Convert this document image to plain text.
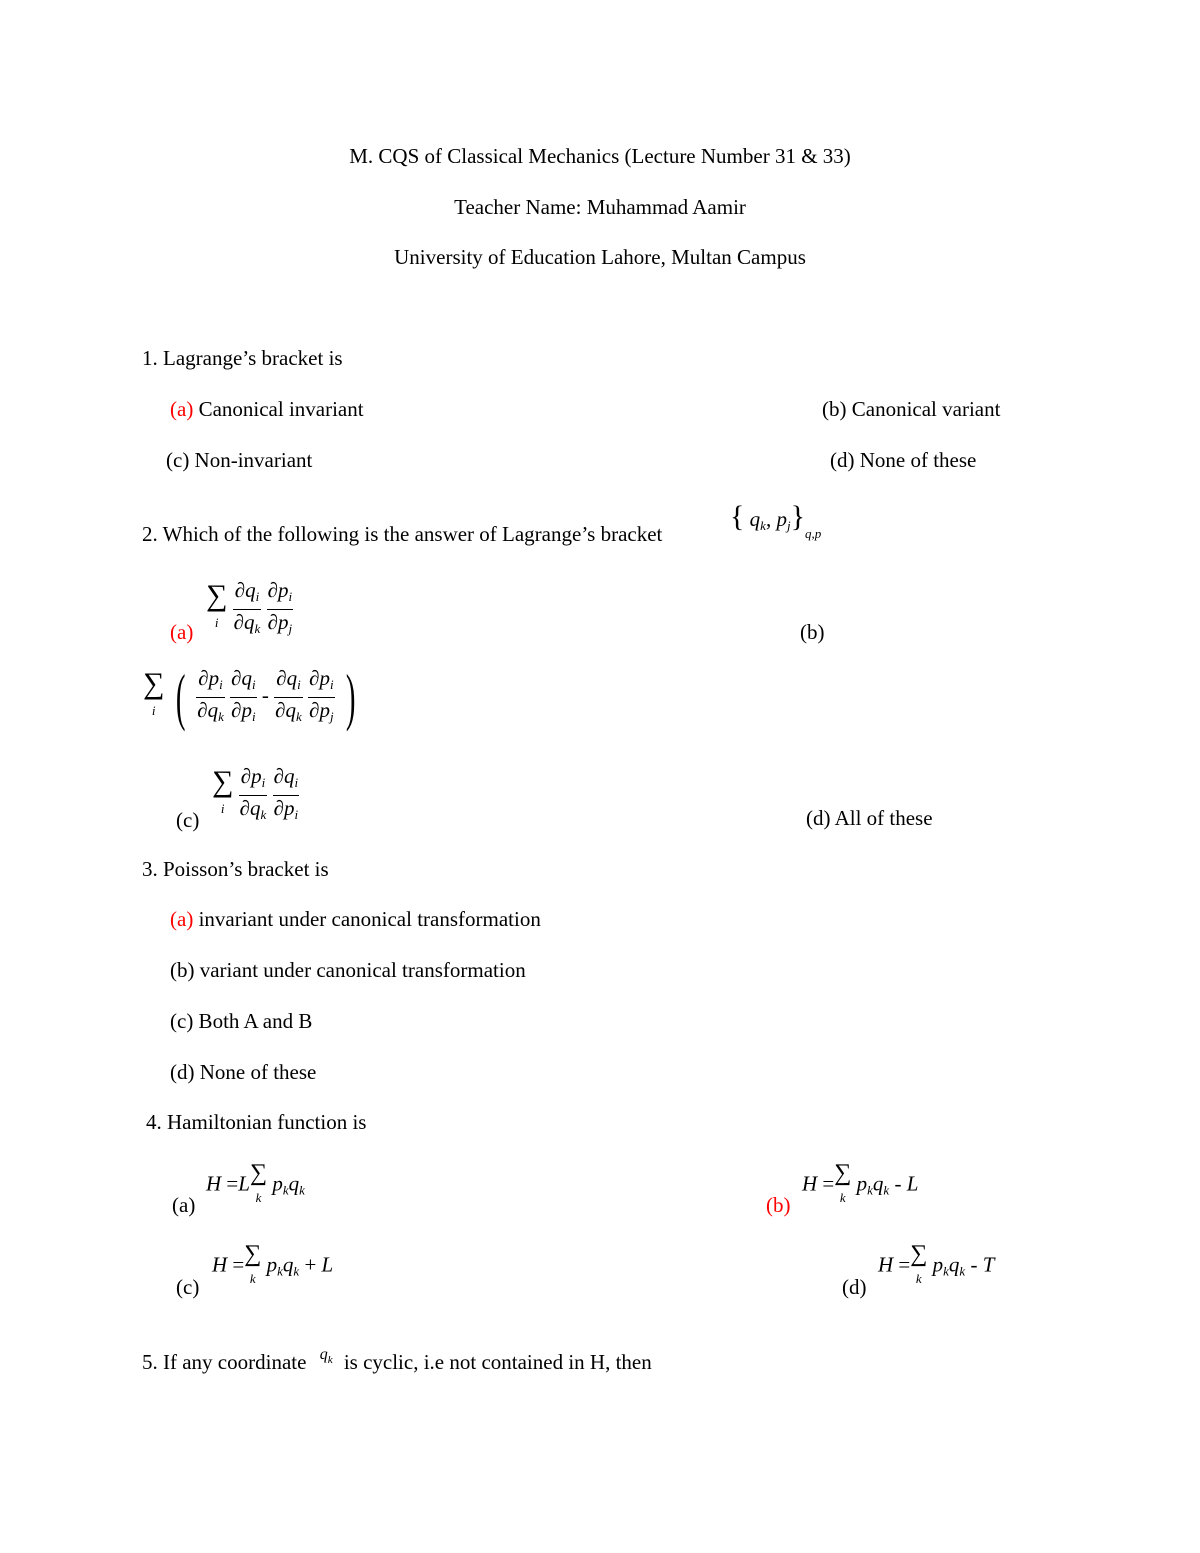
M. CQS of Classical Mechanics (Lecture Number 31 & 33)
Teacher Name: Muhammad Aamir
University of Education Lahore, Multan Campus
1. Lagrange’s bracket is
(a) Canonical invariant	(b) Canonical variant
(c) Non-invariant	(d) None of these
2. Which of the following is the answer of Lagrange’s bracket
{ $q_k$, $p_j\}_{q,p}$
(a)
∑
i $\frac{\partial q_i}{\partial q_k}$
$\frac{\partial p_i}{\partial p_j}$	(b)
∑
i ( $\frac{\partial p_i}{\partial q_k}$
$\frac{\partial q_i}{\partial p_i} - \frac{\partial q_i}{\partial q_k}$
$\frac{\partial p_i}{\partial p_j}$ )
(c)
∑
i $\frac{\partial p_i}{\partial q_k}$
$\frac{\partial q_i}{\partial p_i}$	(d) All of these
3. Poisson’s bracket is
(a) invariant under canonical transformation
(b) variant under canonical transformation
(c) Both A and B
(d) None of these
4. Hamiltonian function is
(a)
H =L∑
k $p_kq_k$
(b)
H =∑
k $p_kq_k$ - L
(c)
H =∑
k $p_kq_k + L$
(d)
H =∑
k $p_kq_k$ - T
5. If any coordinate $q_k$ is cyclic, i.e not contained in H, then
